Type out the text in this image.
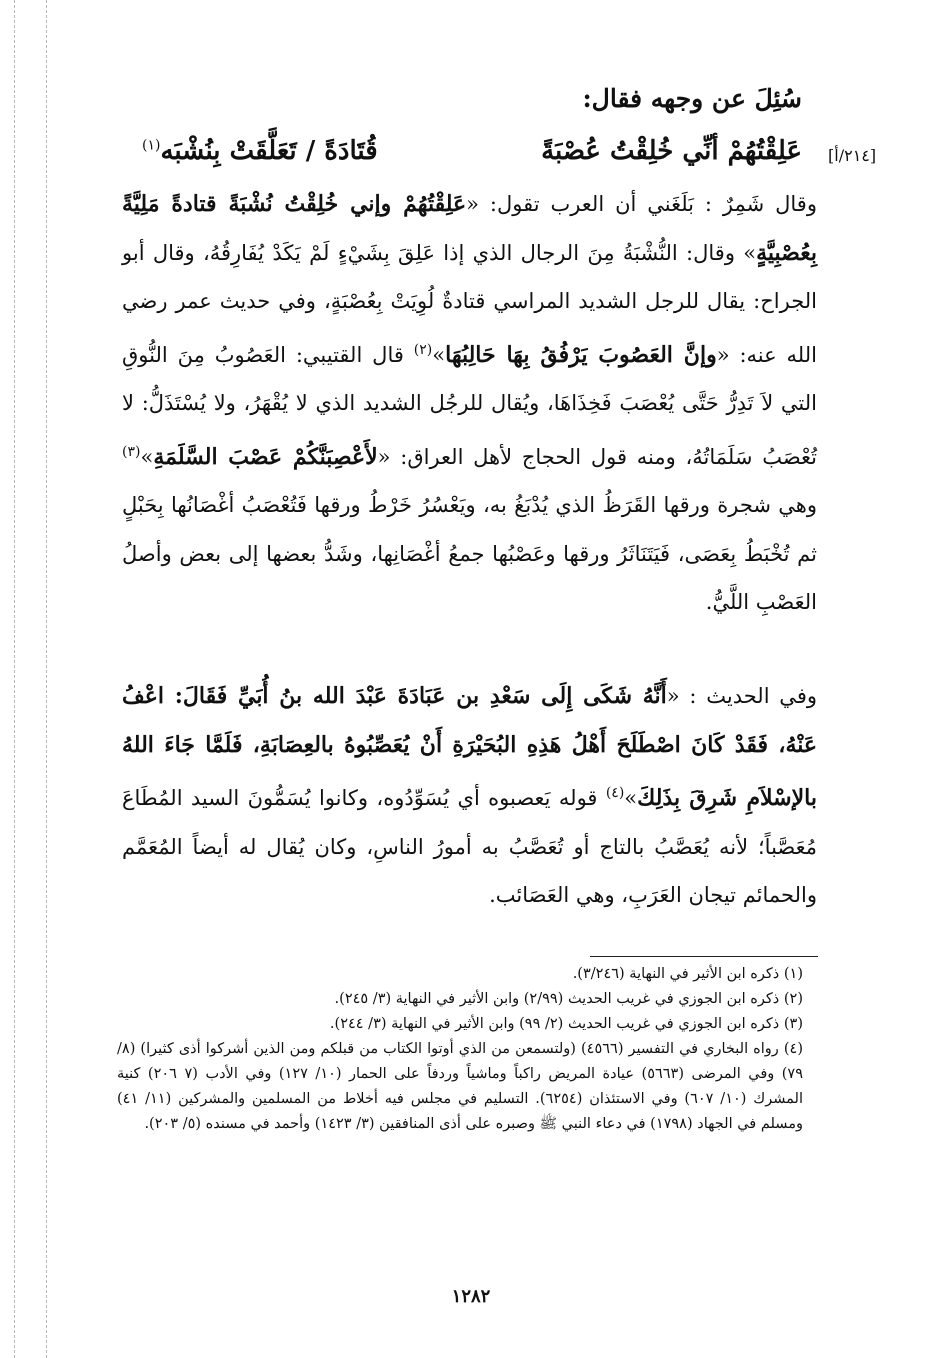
[٢١٤/أ]
سُئِلَ عن وجهه فقال:
عَلِقْتُهُمْ أنِّي خُلِقْتُ عُصْبَةً
قُتَادَةً / تَعَلَّقَتْ بِنُشْبَه$^{(١)}$
وقال شَمِرٌ : بَلَغَني أن العرب تقول: «عَلِقْتُهُمْ وإني خُلِقْتُ نُشْبَةً قتادةً مَلِيَّةً بِعُصْبِيَّةٍ» وقال: النُّشْبَةُ مِنَ الرجال الذي إذا عَلِقَ بِشَيْءٍ لَمْ يَكَدْ يُفَارِقُهُ، وقال أبو الجراح: يقال للرجل الشديد المراسي قتادةٌ لُوِيَتْ بِعُصْبَةٍ، وفي حديث عمر رضي الله عنه: «وإنَّ العَصُوبَ يَرْفُقُ بِهَا حَالِبُهَا»$^{(٢)}$ قال القتيبي: العَصُوبُ مِنَ النُّوقِ التي لاَ تَدِرُّ حَتَّى يُعْصَبَ فَخِذَاهَا، ويُقال للرجُل الشديد الذي لا يُقْهَرُ، ولا يُسْتَذَلُّ: لا تُعْصَبُ سَلَمَاتُهُ، ومنه قول الحجاج لأهل العراق: «لأَعْصِبَنَّكُمْ عَصْبَ السَّلَمَةِ»$^{(٣)}$ وهي شجرة ورقها القَرَظُ الذي يُدْبَغُ به، ويَعْسُرُ خَرْطُ ورقها فَتُعْصَبُ أغْصَانُها بِحَبْلٍ ثم تُخْبَطُ بِعَصَى، فَيَتَنَاثَرُ ورقها وعَصْبُها جمعُ أغْصَانِها، وشَدُّ بعضها إلى بعض وأصلُ العَصْبِ اللَّيُّ.
وفي الحديث : «أَنَّهُ شَكَى إِلَى سَعْدِ بن عَبَادَةَ عَبْدَ الله بنُ أُبَيِّ فَقَالَ: اعْفُ عَنْهُ، فَقَدْ كَانَ اصْطَلَحَ أَهْلُ هَذِهِ البُحَيْرَةِ أَنْ يُعَصِّبُوهُ بالعِصَابَةِ، فَلَمَّا جَاءَ اللهُ بالإسْلاَمِ شَرِقَ بِذَلِكَ»$^{(٤)}$ قوله يَعصبوه أي يُسَوِّدُوه، وكانوا يُسَمُّونَ السيد المُطَاعَ مُعَصَّباً؛ لأنه يُعَصَّبُ بالتاج أو تُعَصَّبُ به أمورُ الناسِ، وكان يُقال له أيضاً المُعَمَّم والحمائم تيجان العَرَبِ، وهي العَصَائب.
(١) ذكره ابن الأثير في النهاية (٣/٢٤٦).
(٢) ذكره ابن الجوزي في غريب الحديث (٢/٩٩) وابن الأثير في النهاية (٣/ ٢٤٥).
(٣) ذكره ابن الجوزي في غريب الحديث (٢/ ٩٩) وابن الأثير في النهاية (٣/ ٢٤٤).
(٤) رواه البخاري في التفسير (٤٥٦٦) (ولتسمعن من الذي أوتوا الكتاب من قبلكم ومن الذين أشركوا أذى كثيرا) (٨/ ٧٩) وفي المرضى (٥٦٦٣) عيادة المريض راكباً وماشياً وردفاً على الحمار (١٠/ ١٢٧) وفي الأدب (٧ ٢٠٦) كنية المشرك (١٠/ ٦٠٧) وفي الاستئذان (٦٢٥٤). التسليم في مجلس فيه أخلاط من المسلمين والمشركين (١١/ ٤١) ومسلم في الجهاد (١٧٩٨) في دعاء النبي ﷺ وصبره على أذى المنافقين (٣/ ١٤٢٣) وأحمد في مسنده (٥/ ٢٠٣).
١٢٨٢
